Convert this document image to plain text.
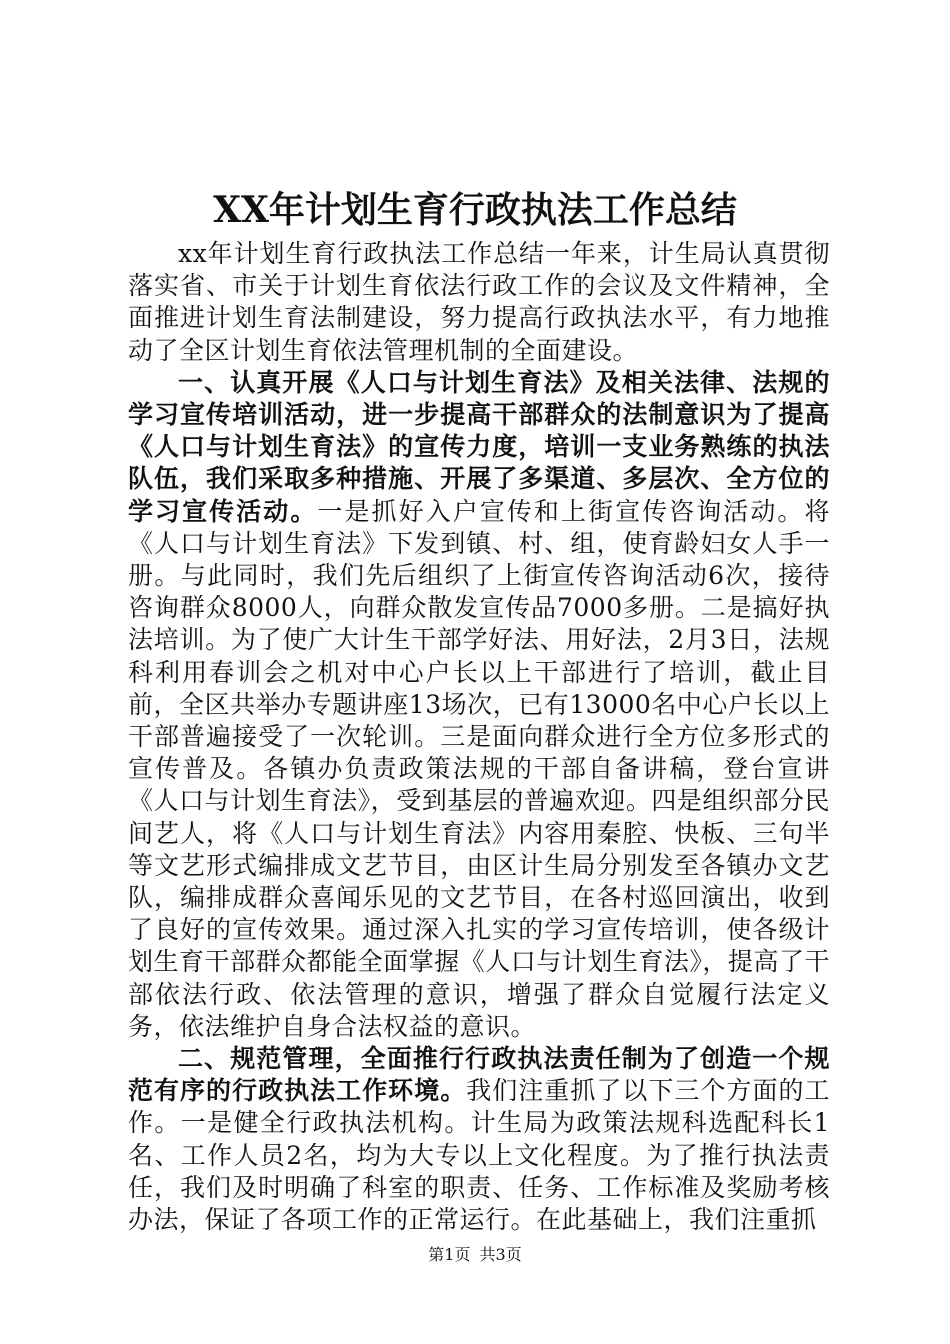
XX年计划生育行政执法工作总结

xx年计划生育行政执法工作总结一年来，计生局认真贯彻落实省、市关于计划生育依法行政工作的会议及文件精神，全面推进计划生育法制建设，努力提高行政执法水平，有力地推动了全区计划生育依法管理机制的全面建设。

一、认真开展《人口与计划生育法》及相关法律、法规的学习宣传培训活动，进一步提高干部群众的法制意识为了提高《人口与计划生育法》的宣传力度，培训一支业务熟练的执法队伍，我们采取多种措施、开展了多渠道、多层次、全方位的学习宣传活动。一是抓好入户宣传和上街宣传咨询活动。将《人口与计划生育法》下发到镇、村、组，使育龄妇女人手一册。与此同时，我们先后组织了上街宣传咨询活动6次，接待咨询群众8000人，向群众散发宣传品7000多册。二是搞好执法培训。为了使广大计生干部学好法、用好法，2月3日，法规科利用春训会之机对中心户长以上干部进行了培训，截止目前，全区共举办专题讲座13场次，已有13000名中心户长以上干部普遍接受了一次轮训。三是面向群众进行全方位多形式的宣传普及。各镇办负责政策法规的干部自备讲稿，登台宣讲《人口与计划生育法》，受到基层的普遍欢迎。四是组织部分民间艺人，将《人口与计划生育法》内容用秦腔、快板、三句半等文艺形式编排成文艺节目，由区计生局分别发至各镇办文艺队，编排成群众喜闻乐见的文艺节目，在各村巡回演出，收到了良好的宣传效果。通过深入扎实的学习宣传培训，使各级计划生育干部群众都能全面掌握《人口与计划生育法》，提高了干部依法行政、依法管理的意识，增强了群众自觉履行法定义务，依法维护自身合法权益的意识。

二、规范管理，全面推行行政执法责任制为了创造一个规范有序的行政执法工作环境。我们注重抓了以下三个方面的工作。一是健全行政执法机构。计生局为政策法规科选配科长1名、工作人员2名，均为大专以上文化程度。为了推行执法责任，我们及时明确了科室的职责、任务、工作标准及奖励考核办法，保证了各项工作的正常运行。在此基础上，我们注重抓

第1页 共3页
